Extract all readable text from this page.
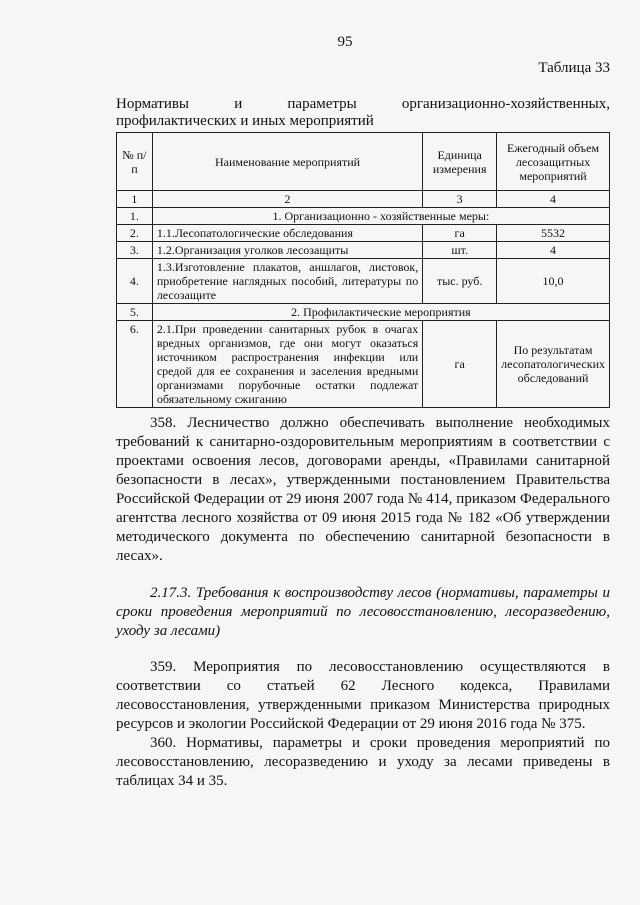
95
Таблица 33
Нормативы	и	параметры	организационно-хозяйственных,
профилактических и иных мероприятий
№ п/п	Наименование мероприятий	Единица измерения	Ежегодный объем лесозащитных мероприятий
1	2	3	4
1.	1. Организационно - хозяйственные меры:		
2.	1.1.Лесопатологические обследования	га	5532
3.	1.2.Организация уголков лесозащиты	шт.	4
4.	1.3.Изготовление плакатов, аншлагов, листовок, приобретение наглядных пособий, литературы по лесозащите	тыс. руб.	10,0
5.	2. Профилактические мероприятия		
6.	2.1.При проведении санитарных рубок в очагах вредных организмов, где они могут оказаться источником распространения инфекции или средой для ее сохранения и заселения вредными организмами порубочные остатки подлежат обязательному сжиганию	га	По результатам лесопатологических обследований

358. Лесничество должно обеспечивать выполнение необходимых требований к санитарно-оздоровительным мероприятиям в соответствии с проектами освоения лесов, договорами аренды, «Правилами санитарной безопасности в лесах», утвержденными постановлением Правительства Российской Федерации от 29 июня 2007 года № 414, приказом Федерального агентства лесного хозяйства от 09 июня 2015 года № 182 «Об утверждении методического документа по обеспечению санитарной безопасности в лесах».

2.17.3. Требования к воспроизводству лесов (нормативы, параметры и сроки проведения мероприятий по лесовосстановлению, лесоразведению, уходу за лесами)

359. Мероприятия по лесовосстановлению осуществляются в соответствии со статьей 62 Лесного кодекса, Правилами лесовосстановления, утвержденными приказом Министерства природных ресурсов и экологии Российской Федерации от 29 июня 2016 года № 375.

360. Нормативы, параметры и сроки проведения мероприятий по лесовосстановлению, лесоразведению и уходу за лесами приведены в таблицах 34 и 35.
